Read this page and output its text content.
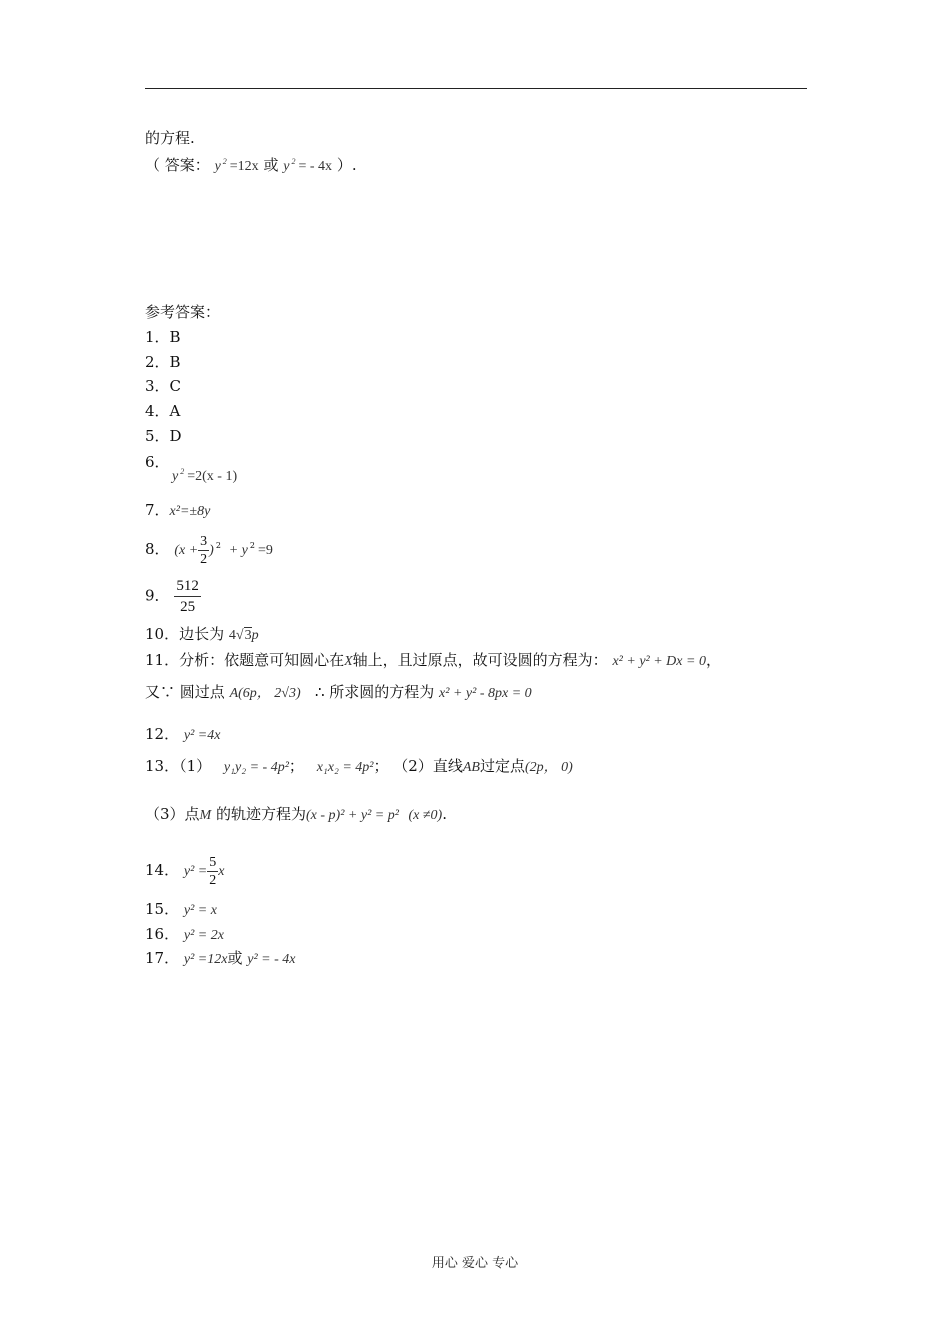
的方程.
（ 答案： y $^2$ =12x 或 y $^2$ = - 4x ）.
参考答案：
1．B
2．B
3．C
4．A
5．D
6．
y $^2$ =2(x - 1)
7．x²=±8y
8． ($x + \frac{3}{2}$ ) $^2$ + y $^2$ =9
9． $\frac{512}{25}$
10．边长为 4√3p
11．分析：依题意可知圆心在X轴上，且过原点，故可设圆的方程为： x² + y² + Dx = 0，
又∵ 圆过点 A(6p， 2√3) ∴ 所求圆的方程为 x² + y² - 8px = 0
12． y² =4x
13．（1） y₁y₂ = - 4p²； x₁x₂ = 4p²； （2）直线AB过定点(2p， 0)
（3）点M 的轨迹方程为(x - p)² + y² = p² (x ≠0).
14． $y^2 = \frac{5}{2}$ x
15． y² = x
16． y² = 2x
17． y² =12x或 y² = - 4x
用心 爱心 专心
